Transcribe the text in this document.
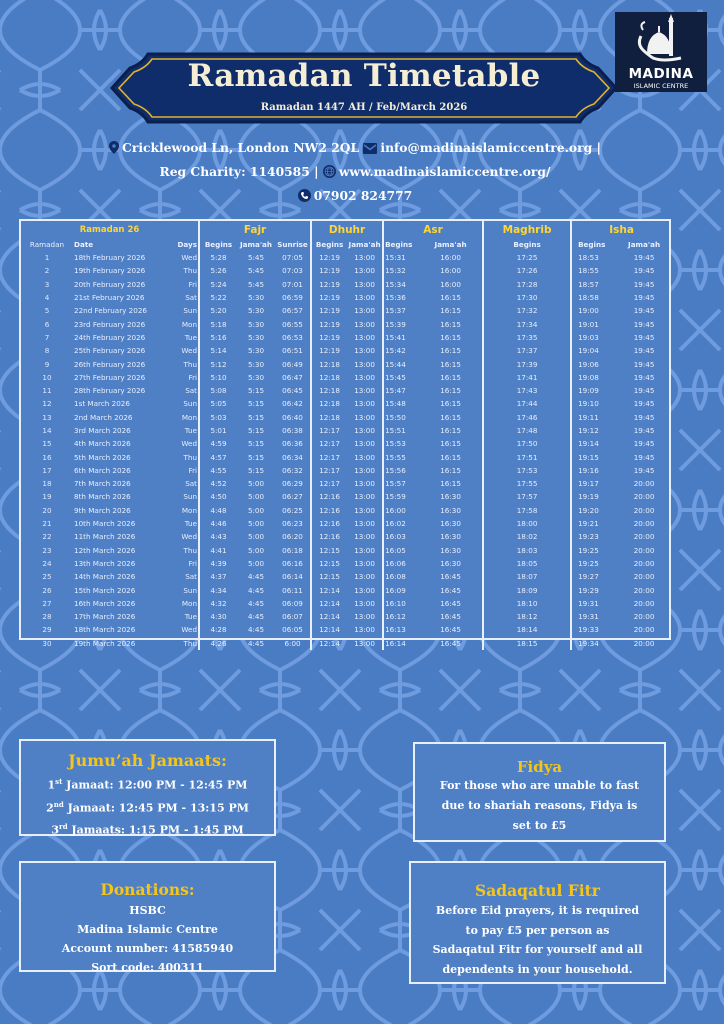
Ramadan Timetable
Ramadan 1447 AH / Feb/March 2026
MADINA
ISLAMIC CENTRE
Cricklewood Ln, London NW2 2QL info@madinaislamiccentre.org |
Reg Charity: 1140585 | www.madinaislamiccentre.org/
07902 824777
Ramadan 26			Fajr			Dhuhr		Asr		Maghrib	Isha	
Ramadan	Date	Days	Begins	Jama'ah	Sunrise	Begins	Jama'ah	Begins	Jama'ah	Begins	Begins	Jama'ah
1	18th February 2026	Wed	5:28	5:45	07:05	12:19	13:00	15:31	16:00	17:25	18:53	19:45
2	19th February 2026	Thu	5:26	5:45	07:03	12:19	13:00	15:32	16:00	17:26	18:55	19:45
3	20th February 2026	Fri	5:24	5:45	07:01	12:19	13:00	15:34	16:00	17:28	18:57	19:45
4	21st February 2026	Sat	5:22	5:30	06:59	12:19	13:00	15:36	16:15	17:30	18:58	19:45
5	22nd February 2026	Sun	5:20	5:30	06:57	12:19	13:00	15:37	16:15	17:32	19:00	19:45
6	23rd February 2026	Mon	5:18	5:30	06:55	12:19	13:00	15:39	16:15	17:34	19:01	19:45
7	24th February 2026	Tue	5:16	5:30	06:53	12:19	13:00	15:41	16:15	17:35	19:03	19:45
8	25th February 2026	Wed	5:14	5:30	06:51	12:19	13:00	15:42	16:15	17:37	19:04	19:45
9	26th February 2026	Thu	5:12	5:30	06:49	12:18	13:00	15:44	16:15	17:39	19:06	19:45
10	27th February 2026	Fri	5:10	5:30	06:47	12:18	13:00	15:45	16:15	17:41	19:08	19:45
11	28th February 2026	Sat	5:08	5:15	06:45	12:18	13:00	15:47	16:15	17:43	19:09	19:45
12	1st March 2026	Sun	5:05	5:15	06:42	12:18	13:00	15:48	16:15	17:44	19:10	19:45
13	2nd March 2026	Mon	5:03	5:15	06:40	12:18	13:00	15:50	16:15	17:46	19:11	19:45
14	3rd March 2026	Tue	5:01	5:15	06:38	12:17	13:00	15:51	16:15	17:48	19:12	19:45
15	4th March 2026	Wed	4:59	5:15	06:36	12:17	13:00	15:53	16:15	17:50	19:14	19:45
16	5th March 2026	Thu	4:57	5:15	06:34	12:17	13:00	15:55	16:15	17:51	19:15	19:45
17	6th March 2026	Fri	4:55	5:15	06:32	12:17	13:00	15:56	16:15	17:53	19:16	19:45
18	7th March 2026	Sat	4:52	5:00	06:29	12:17	13:00	15:57	16:15	17:55	19:17	20:00
19	8th March 2026	Sun	4:50	5:00	06:27	12:16	13:00	15:59	16:30	17:57	19:19	20:00
20	9th March 2026	Mon	4:48	5:00	06:25	12:16	13:00	16:00	16:30	17:58	19:20	20:00
21	10th March 2026	Tue	4:46	5:00	06:23	12:16	13:00	16:02	16:30	18:00	19:21	20:00
22	11th March 2026	Wed	4:43	5:00	06:20	12:16	13:00	16:03	16:30	18:02	19:23	20:00
23	12th March 2026	Thu	4:41	5:00	06:18	12:15	13:00	16:05	16:30	18:03	19:25	20:00
24	13th March 2026	Fri	4:39	5:00	06:16	12:15	13:00	16:06	16:30	18:05	19:25	20:00
25	14th March 2026	Sat	4:37	4:45	06:14	12:15	13:00	16:08	16:45	18:07	19:27	20:00
26	15th March 2026	Sun	4:34	4:45	06:11	12:14	13:00	16:09	16:45	18:09	19:29	20:00
27	16th March 2026	Mon	4:32	4:45	06:09	12:14	13:00	16:10	16:45	18:10	19:31	20:00
28	17th March 2026	Tue	4:30	4:45	06:07	12:14	13:00	16:12	16:45	18:12	19:31	20:00
29	18th March 2026	Wed	4:28	4:45	06:05	12:14	13:00	16:13	16:45	18:14	19:33	20:00
30	19th March 2026	Thu	4:26	4:45	6:00	12:14	13:00	16:14	16:45	18:15	19:34	20:00
Jumu’ah Jamaats:
1st Jamaat: 12:00 PM - 12:45 PM
2nd Jamaat: 12:45 PM - 13:15 PM
3rd Jamaats: 1:15 PM - 1:45 PM
Fidya
For those who are unable to fast
due to shariah reasons, Fidya is
set to £5
Donations:
HSBC
Madina Islamic Centre
Account number: 41585940
Sort code: 400311
Sadaqatul Fitr
Before Eid prayers, it is required
to pay £5 per person as
Sadaqatul Fitr for yourself and all
dependents in your household.
